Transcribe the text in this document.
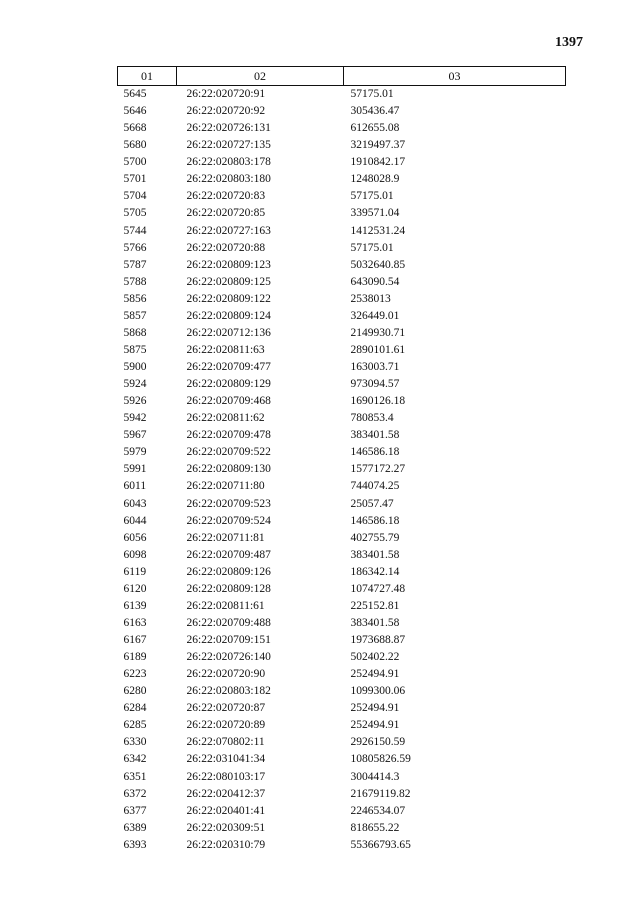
1397
01	02	03
5645	26:22:020720:91	57175.01
5646	26:22:020720:92	305436.47
5668	26:22:020726:131	612655.08
5680	26:22:020727:135	3219497.37
5700	26:22:020803:178	1910842.17
5701	26:22:020803:180	1248028.9
5704	26:22:020720:83	57175.01
5705	26:22:020720:85	339571.04
5744	26:22:020727:163	1412531.24
5766	26:22:020720:88	57175.01
5787	26:22:020809:123	5032640.85
5788	26:22:020809:125	643090.54
5856	26:22:020809:122	2538013
5857	26:22:020809:124	326449.01
5868	26:22:020712:136	2149930.71
5875	26:22:020811:63	2890101.61
5900	26:22:020709:477	163003.71
5924	26:22:020809:129	973094.57
5926	26:22:020709:468	1690126.18
5942	26:22:020811:62	780853.4
5967	26:22:020709:478	383401.58
5979	26:22:020709:522	146586.18
5991	26:22:020809:130	1577172.27
6011	26:22:020711:80	744074.25
6043	26:22:020709:523	25057.47
6044	26:22:020709:524	146586.18
6056	26:22:020711:81	402755.79
6098	26:22:020709:487	383401.58
6119	26:22:020809:126	186342.14
6120	26:22:020809:128	1074727.48
6139	26:22:020811:61	225152.81
6163	26:22:020709:488	383401.58
6167	26:22:020709:151	1973688.87
6189	26:22:020726:140	502402.22
6223	26:22:020720:90	252494.91
6280	26:22:020803:182	1099300.06
6284	26:22:020720:87	252494.91
6285	26:22:020720:89	252494.91
6330	26:22:070802:11	2926150.59
6342	26:22:031041:34	10805826.59
6351	26:22:080103:17	3004414.3
6372	26:22:020412:37	21679119.82
6377	26:22:020401:41	2246534.07
6389	26:22:020309:51	818655.22
6393	26:22:020310:79	55366793.65
